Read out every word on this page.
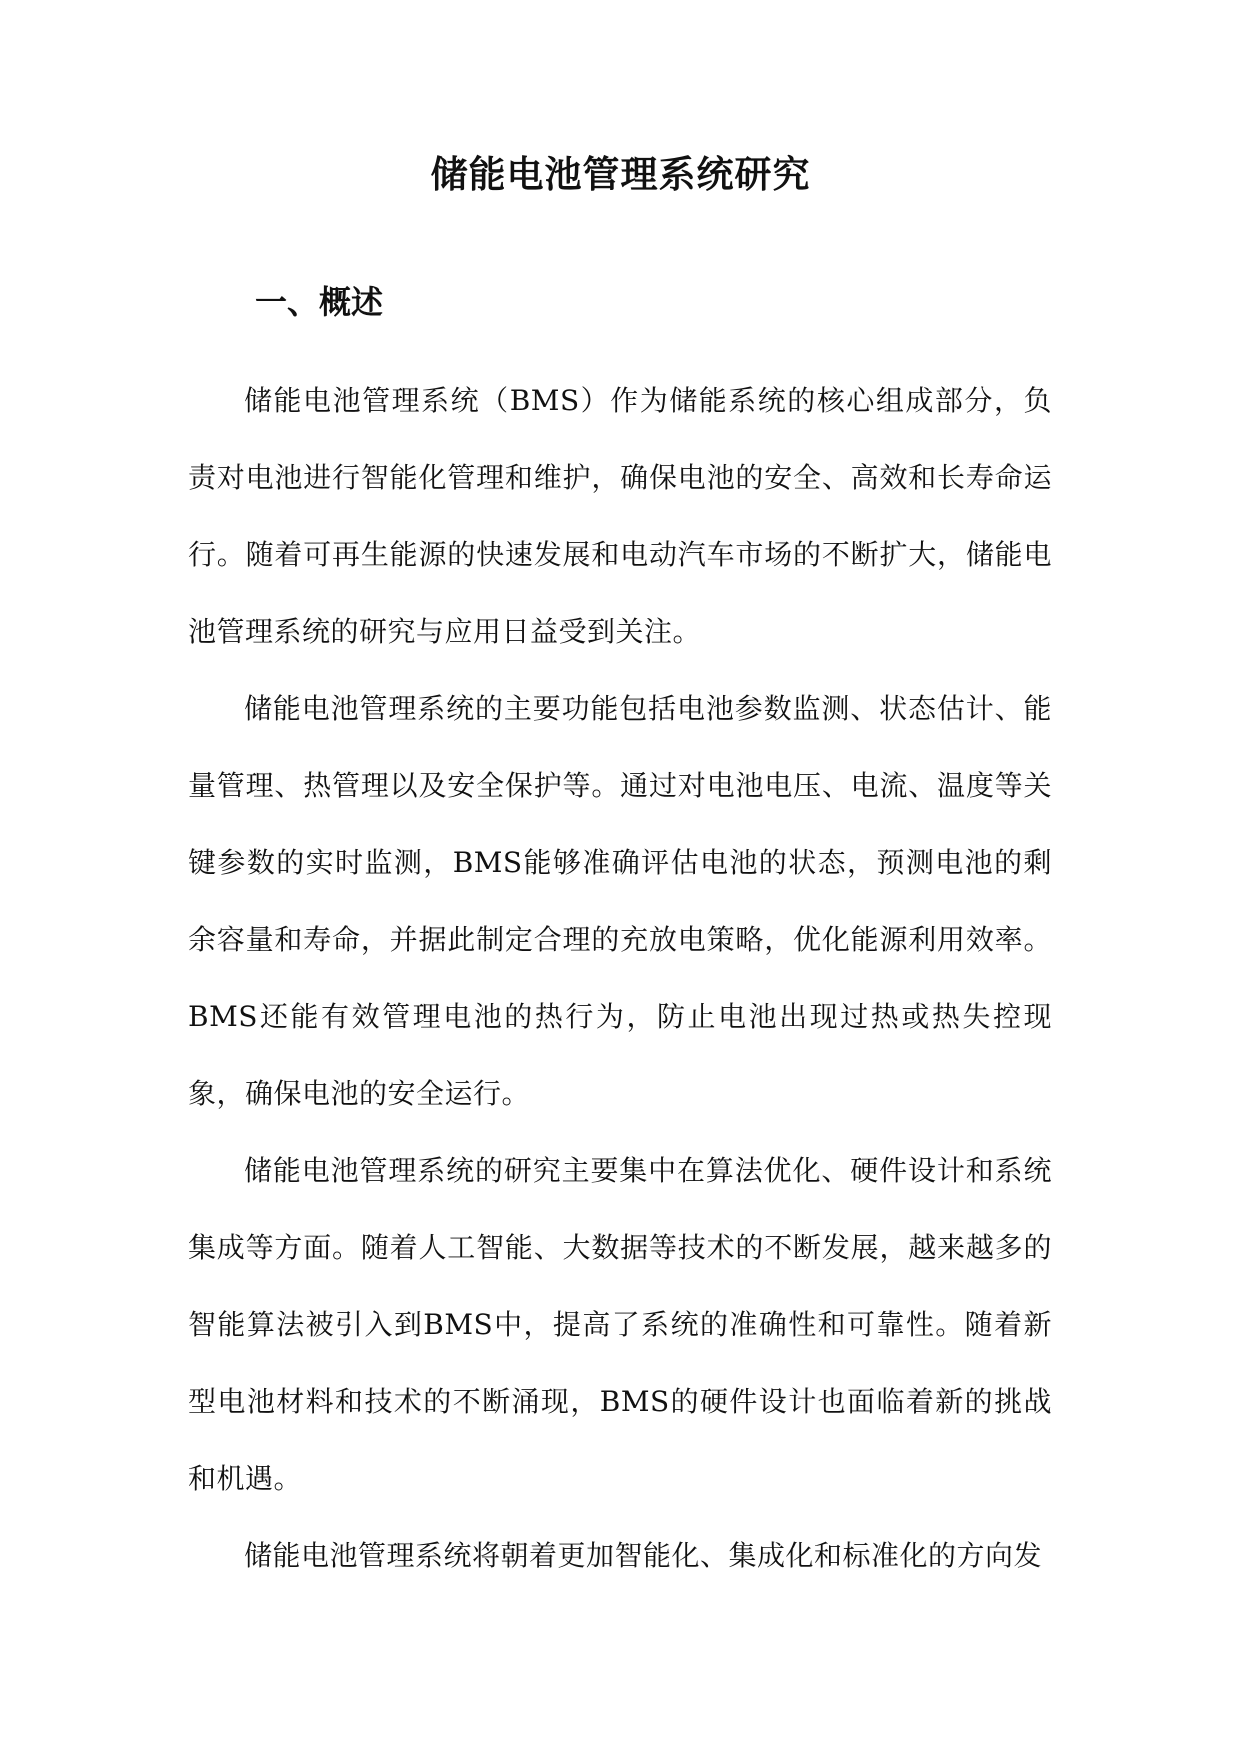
储能电池管理系统研究
一、概述

储能电池管理系统（BMS）作为储能系统的核心组成部分，负责对电池进行智能化管理和维护，确保电池的安全、高效和长寿命运行。随着可再生能源的快速发展和电动汽车市场的不断扩大，储能电池管理系统的研究与应用日益受到关注。

储能电池管理系统的主要功能包括电池参数监测、状态估计、能量管理、热管理以及安全保护等。通过对电池电压、电流、温度等关键参数的实时监测，BMS能够准确评估电池的状态，预测电池的剩余容量和寿命，并据此制定合理的充放电策略，优化能源利用效率。BMS还能有效管理电池的热行为，防止电池出现过热或热失控现象，确保电池的安全运行。

储能电池管理系统的研究主要集中在算法优化、硬件设计和系统集成等方面。随着人工智能、大数据等技术的不断发展，越来越多的智能算法被引入到BMS中，提高了系统的准确性和可靠性。随着新型电池材料和技术的不断涌现，BMS的硬件设计也面临着新的挑战和机遇。

储能电池管理系统将朝着更加智能化、集成化和标准化的方向发
